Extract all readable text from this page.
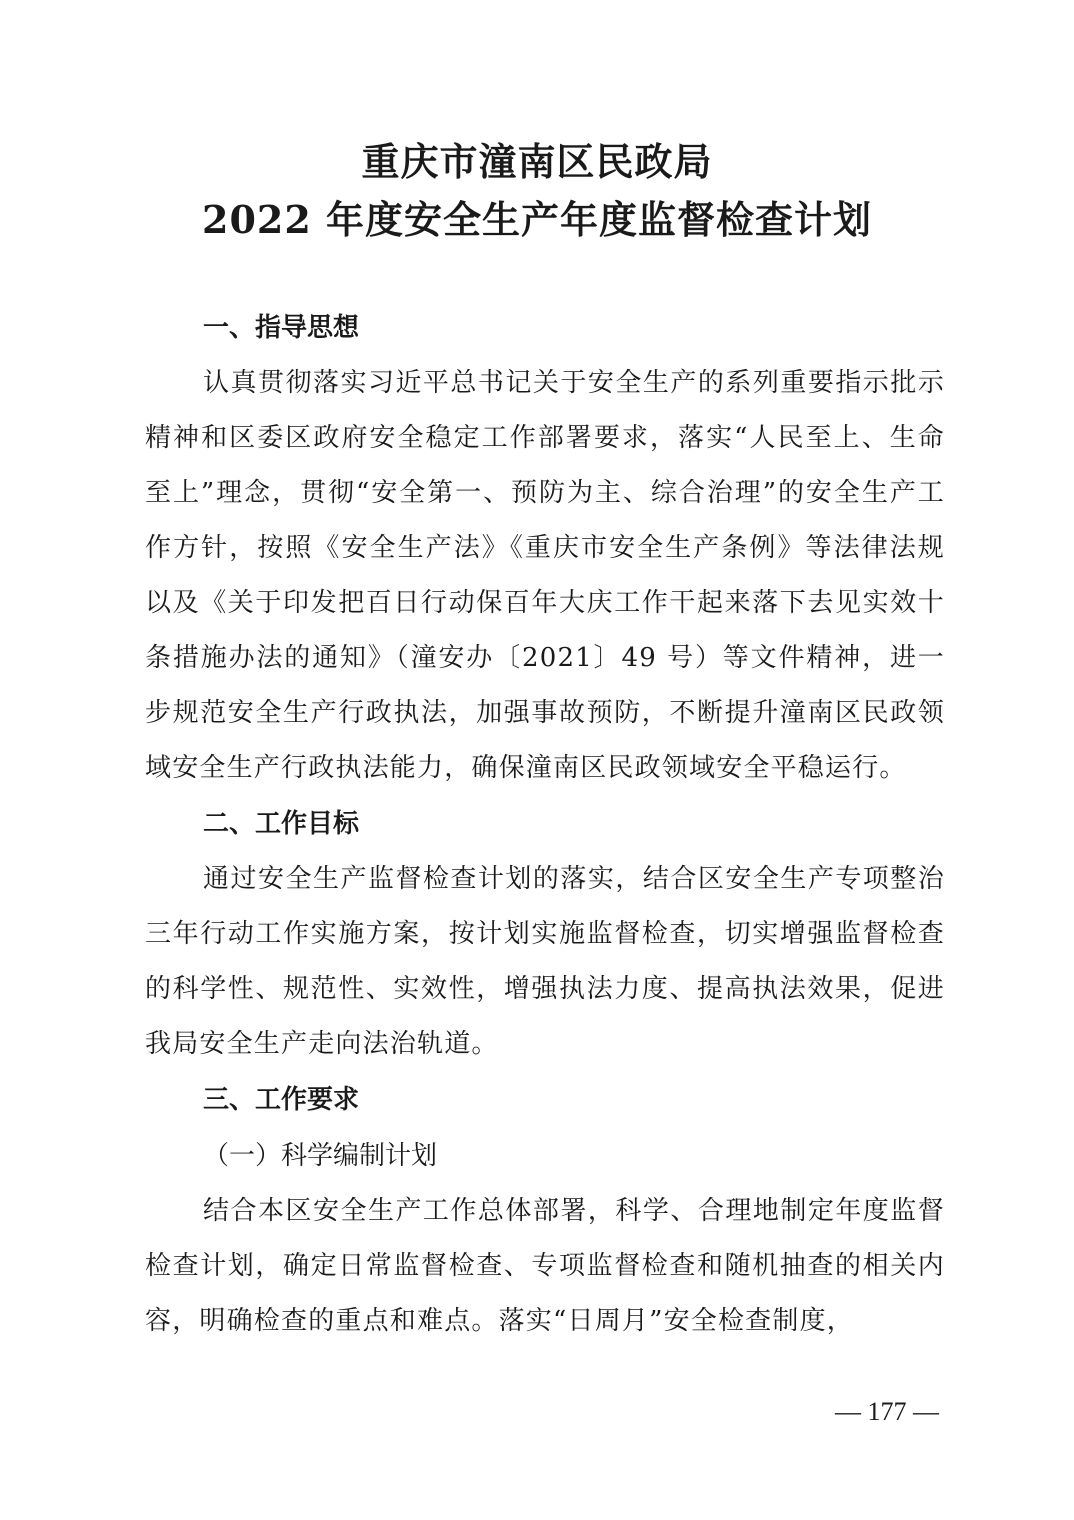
重庆市潼南区民政局
2022 年度安全生产年度监督检查计划
一、指导思想
认真贯彻落实习近平总书记关于安全生产的系列重要指示批示精神和区委区政府安全稳定工作部署要求，落实“人民至上、生命至上”理念，贯彻“安全第一、预防为主、综合治理”的安全生产工作方针，按照《安全生产法》《重庆市安全生产条例》等法律法规以及《关于印发把百日行动保百年大庆工作干起来落下去见实效十条措施办法的通知》（潼安办〔2021〕49 号）等文件精神，进一步规范安全生产行政执法，加强事故预防，不断提升潼南区民政领域安全生产行政执法能力，确保潼南区民政领域安全平稳运行。
二、工作目标
通过安全生产监督检查计划的落实，结合区安全生产专项整治三年行动工作实施方案，按计划实施监督检查，切实增强监督检查的科学性、规范性、实效性，增强执法力度、提高执法效果，促进我局安全生产走向法治轨道。
三、工作要求
（一）科学编制计划
结合本区安全生产工作总体部署，科学、合理地制定年度监督检查计划，确定日常监督检查、专项监督检查和随机抽查的相关内容，明确检查的重点和难点。落实“日周月”安全检查制度，
— 177 —
